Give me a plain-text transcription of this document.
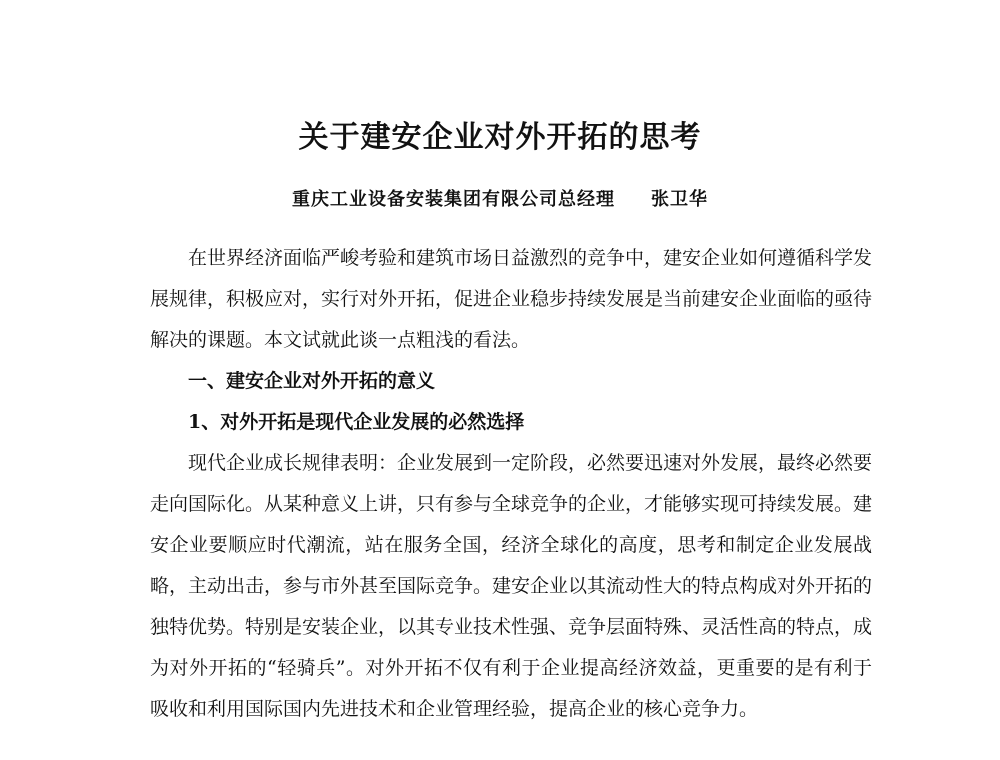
关于建安企业对外开拓的思考
重庆工业设备安装集团有限公司总经理 张卫华

在世界经济面临严峻考验和建筑市场日益激烈的竞争中，建安企业如何遵循科学发展规律，积极应对，实行对外开拓，促进企业稳步持续发展是当前建安企业面临的亟待解决的课题。本文试就此谈一点粗浅的看法。

一、建安企业对外开拓的意义
1、对外开拓是现代企业发展的必然选择

现代企业成长规律表明：企业发展到一定阶段，必然要迅速对外发展，最终必然要走向国际化。从某种意义上讲，只有参与全球竞争的企业，才能够实现可持续发展。建安企业要顺应时代潮流，站在服务全国，经济全球化的高度，思考和制定企业发展战略，主动出击，参与市外甚至国际竞争。建安企业以其流动性大的特点构成对外开拓的独特优势。特别是安装企业，以其专业技术性强、竞争层面特殊、灵活性高的特点，成为对外开拓的“轻骑兵”。对外开拓不仅有利于企业提高经济效益，更重要的是有利于吸收和利用国际国内先进技术和企业管理经验，提高企业的核心竞争力。
